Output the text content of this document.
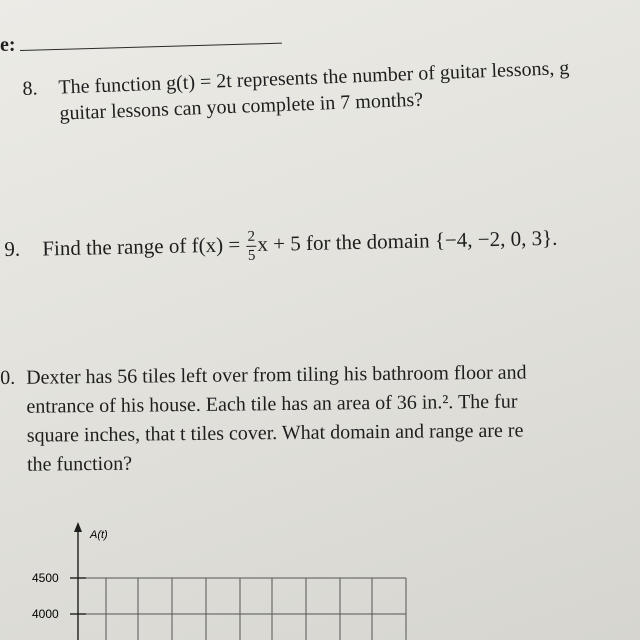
e:
8. The function g(t) = 2t represents the number of guitar lessons, g
guitar lessons can you complete in 7 months?
9. Find the range of $f(x) = \frac{2}{5}$ x + 5 for the domain {−4, −2, 0, 3}.
0. Dexter has 56 tiles left over from tiling his bathroom floor and
entrance of his house. Each tile has an area of 36 in.². The fur
square inches, that t tiles cover. What domain and range are re
the function?
A(t)
4500
4000
